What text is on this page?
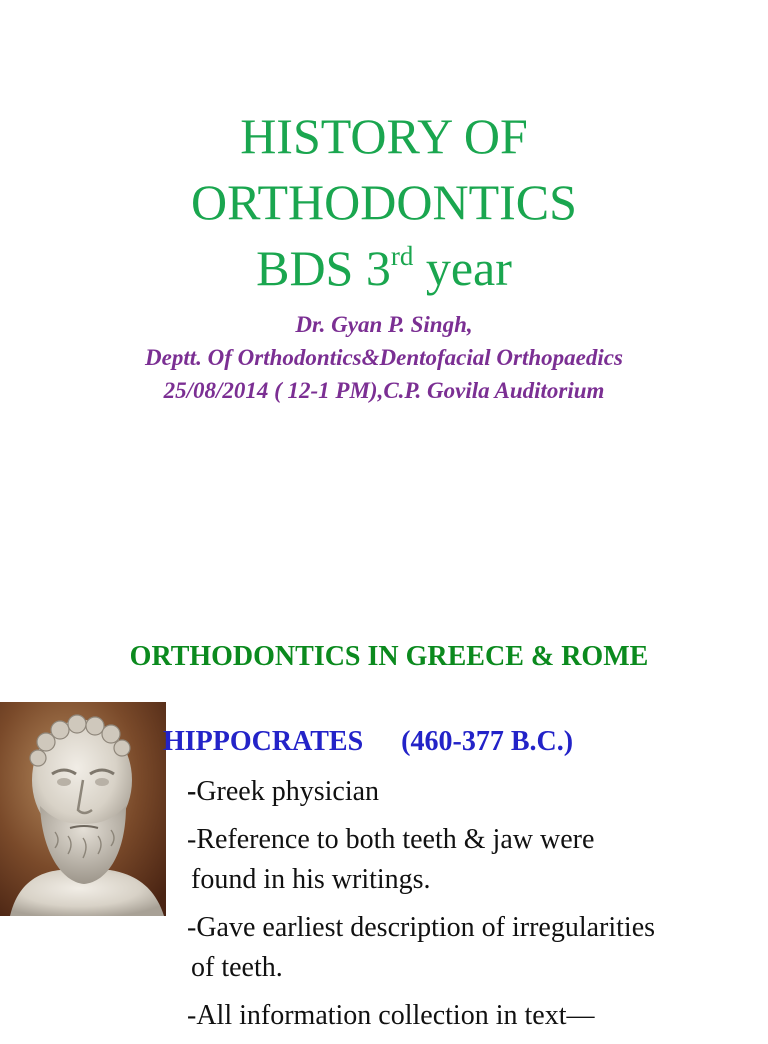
HISTORY OF
ORTHODONTICS
BDS 3rd year
Dr. Gyan P. Singh,
Deptt. Of Orthodontics&Dentofacial Orthopaedics
25/08/2014 ( 12-1 PM),C.P. Govila Auditorium
ORTHODONTICS IN GREECE & ROME
HIPPOCRATES (460-377 B.C.)
-Greek physician
-Reference to both teeth & jaw were
found in his writings.
-Gave earliest description of irregularities
of teeth.
-All information collection in text—
